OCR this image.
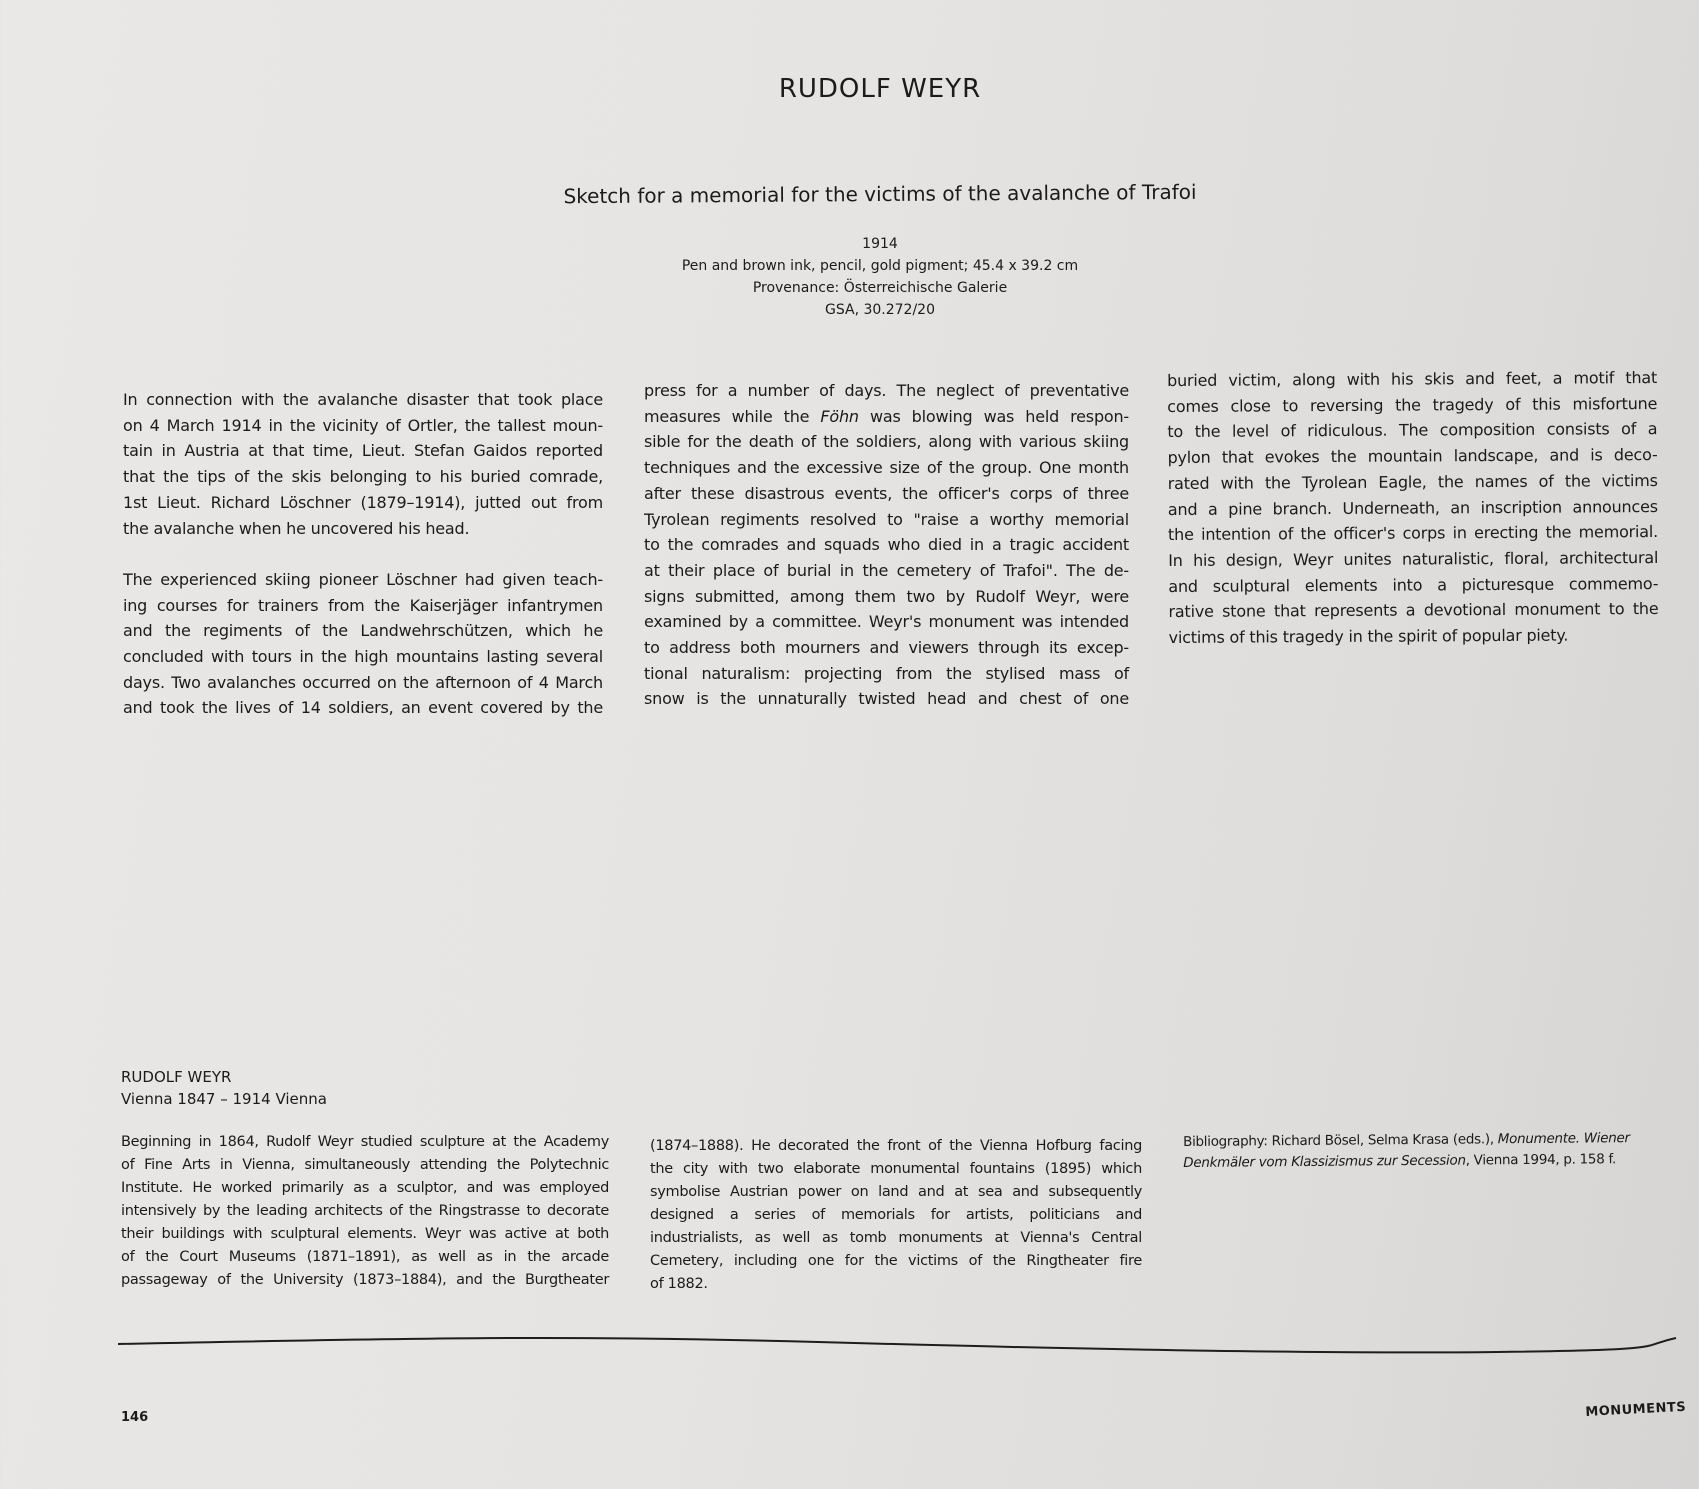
RUDOLF WEYR
Sketch for a memorial for the victims of the avalanche of Trafoi
1914
Pen and brown ink, pencil, gold pigment; 45.4 x 39.2 cm
Provenance: Österreichische Galerie
GSA, 30.272/20

In connection with the avalanche disaster that took place
on 4 March 1914 in the vicinity of Ortler, the tallest moun-
tain in Austria at that time, Lieut. Stefan Gaidos reported
that the tips of the skis belonging to his buried comrade,
1st Lieut. Richard Löschner (1879–1914), jutted out from
the avalanche when he uncovered his head.

The experienced skiing pioneer Löschner had given teach-
ing courses for trainers from the Kaiserjäger infantrymen
and the regiments of the Landwehrschützen, which he
concluded with tours in the high mountains lasting several
days. Two avalanches occurred on the afternoon of 4 March
and took the lives of 14 soldiers, an event covered by the

press for a number of days. The neglect of preventative
measures while the Föhn was blowing was held respon-
sible for the death of the soldiers, along with various skiing
techniques and the excessive size of the group. One month
after these disastrous events, the officer's corps of three
Tyrolean regiments resolved to "raise a worthy memorial
to the comrades and squads who died in a tragic accident
at their place of burial in the cemetery of Trafoi". The de-
signs submitted, among them two by Rudolf Weyr, were
examined by a committee. Weyr's monument was intended
to address both mourners and viewers through its excep-
tional naturalism: projecting from the stylised mass of
snow is the unnaturally twisted head and chest of one
buried victim, along with his skis and feet, a motif that
comes close to reversing the tragedy of this misfortune
to the level of ridiculous. The composition consists of a
pylon that evokes the mountain landscape, and is deco-
rated with the Tyrolean Eagle, the names of the victims
and a pine branch. Underneath, an inscription announces
the intention of the officer's corps in erecting the memorial.
In his design, Weyr unites naturalistic, floral, architectural
and sculptural elements into a picturesque commemo-
rative stone that represents a devotional monument to the
victims of this tragedy in the spirit of popular piety.
RUDOLF WEYR
Vienna 1847 – 1914 Vienna
Beginning in 1864, Rudolf Weyr studied sculpture at the Academy
of Fine Arts in Vienna, simultaneously attending the Polytechnic
Institute. He worked primarily as a sculptor, and was employed
intensively by the leading architects of the Ringstrasse to decorate
their buildings with sculptural elements. Weyr was active at both
of the Court Museums (1871–1891), as well as in the arcade
passageway of the University (1873–1884), and the Burgtheater
(1874–1888). He decorated the front of the Vienna Hofburg facing
the city with two elaborate monumental fountains (1895) which
symbolise Austrian power on land and at sea and subsequently
designed a series of memorials for artists, politicians and
industrialists, as well as tomb monuments at Vienna's Central
Cemetery, including one for the victims of the Ringtheater fire
of 1882.
Bibliography: Richard Bösel, Selma Krasa (eds.), Monumente. Wiener
Denkmäler vom Klassizismus zur Secession, Vienna 1994, p. 158 f.
146	MONUMENTS
